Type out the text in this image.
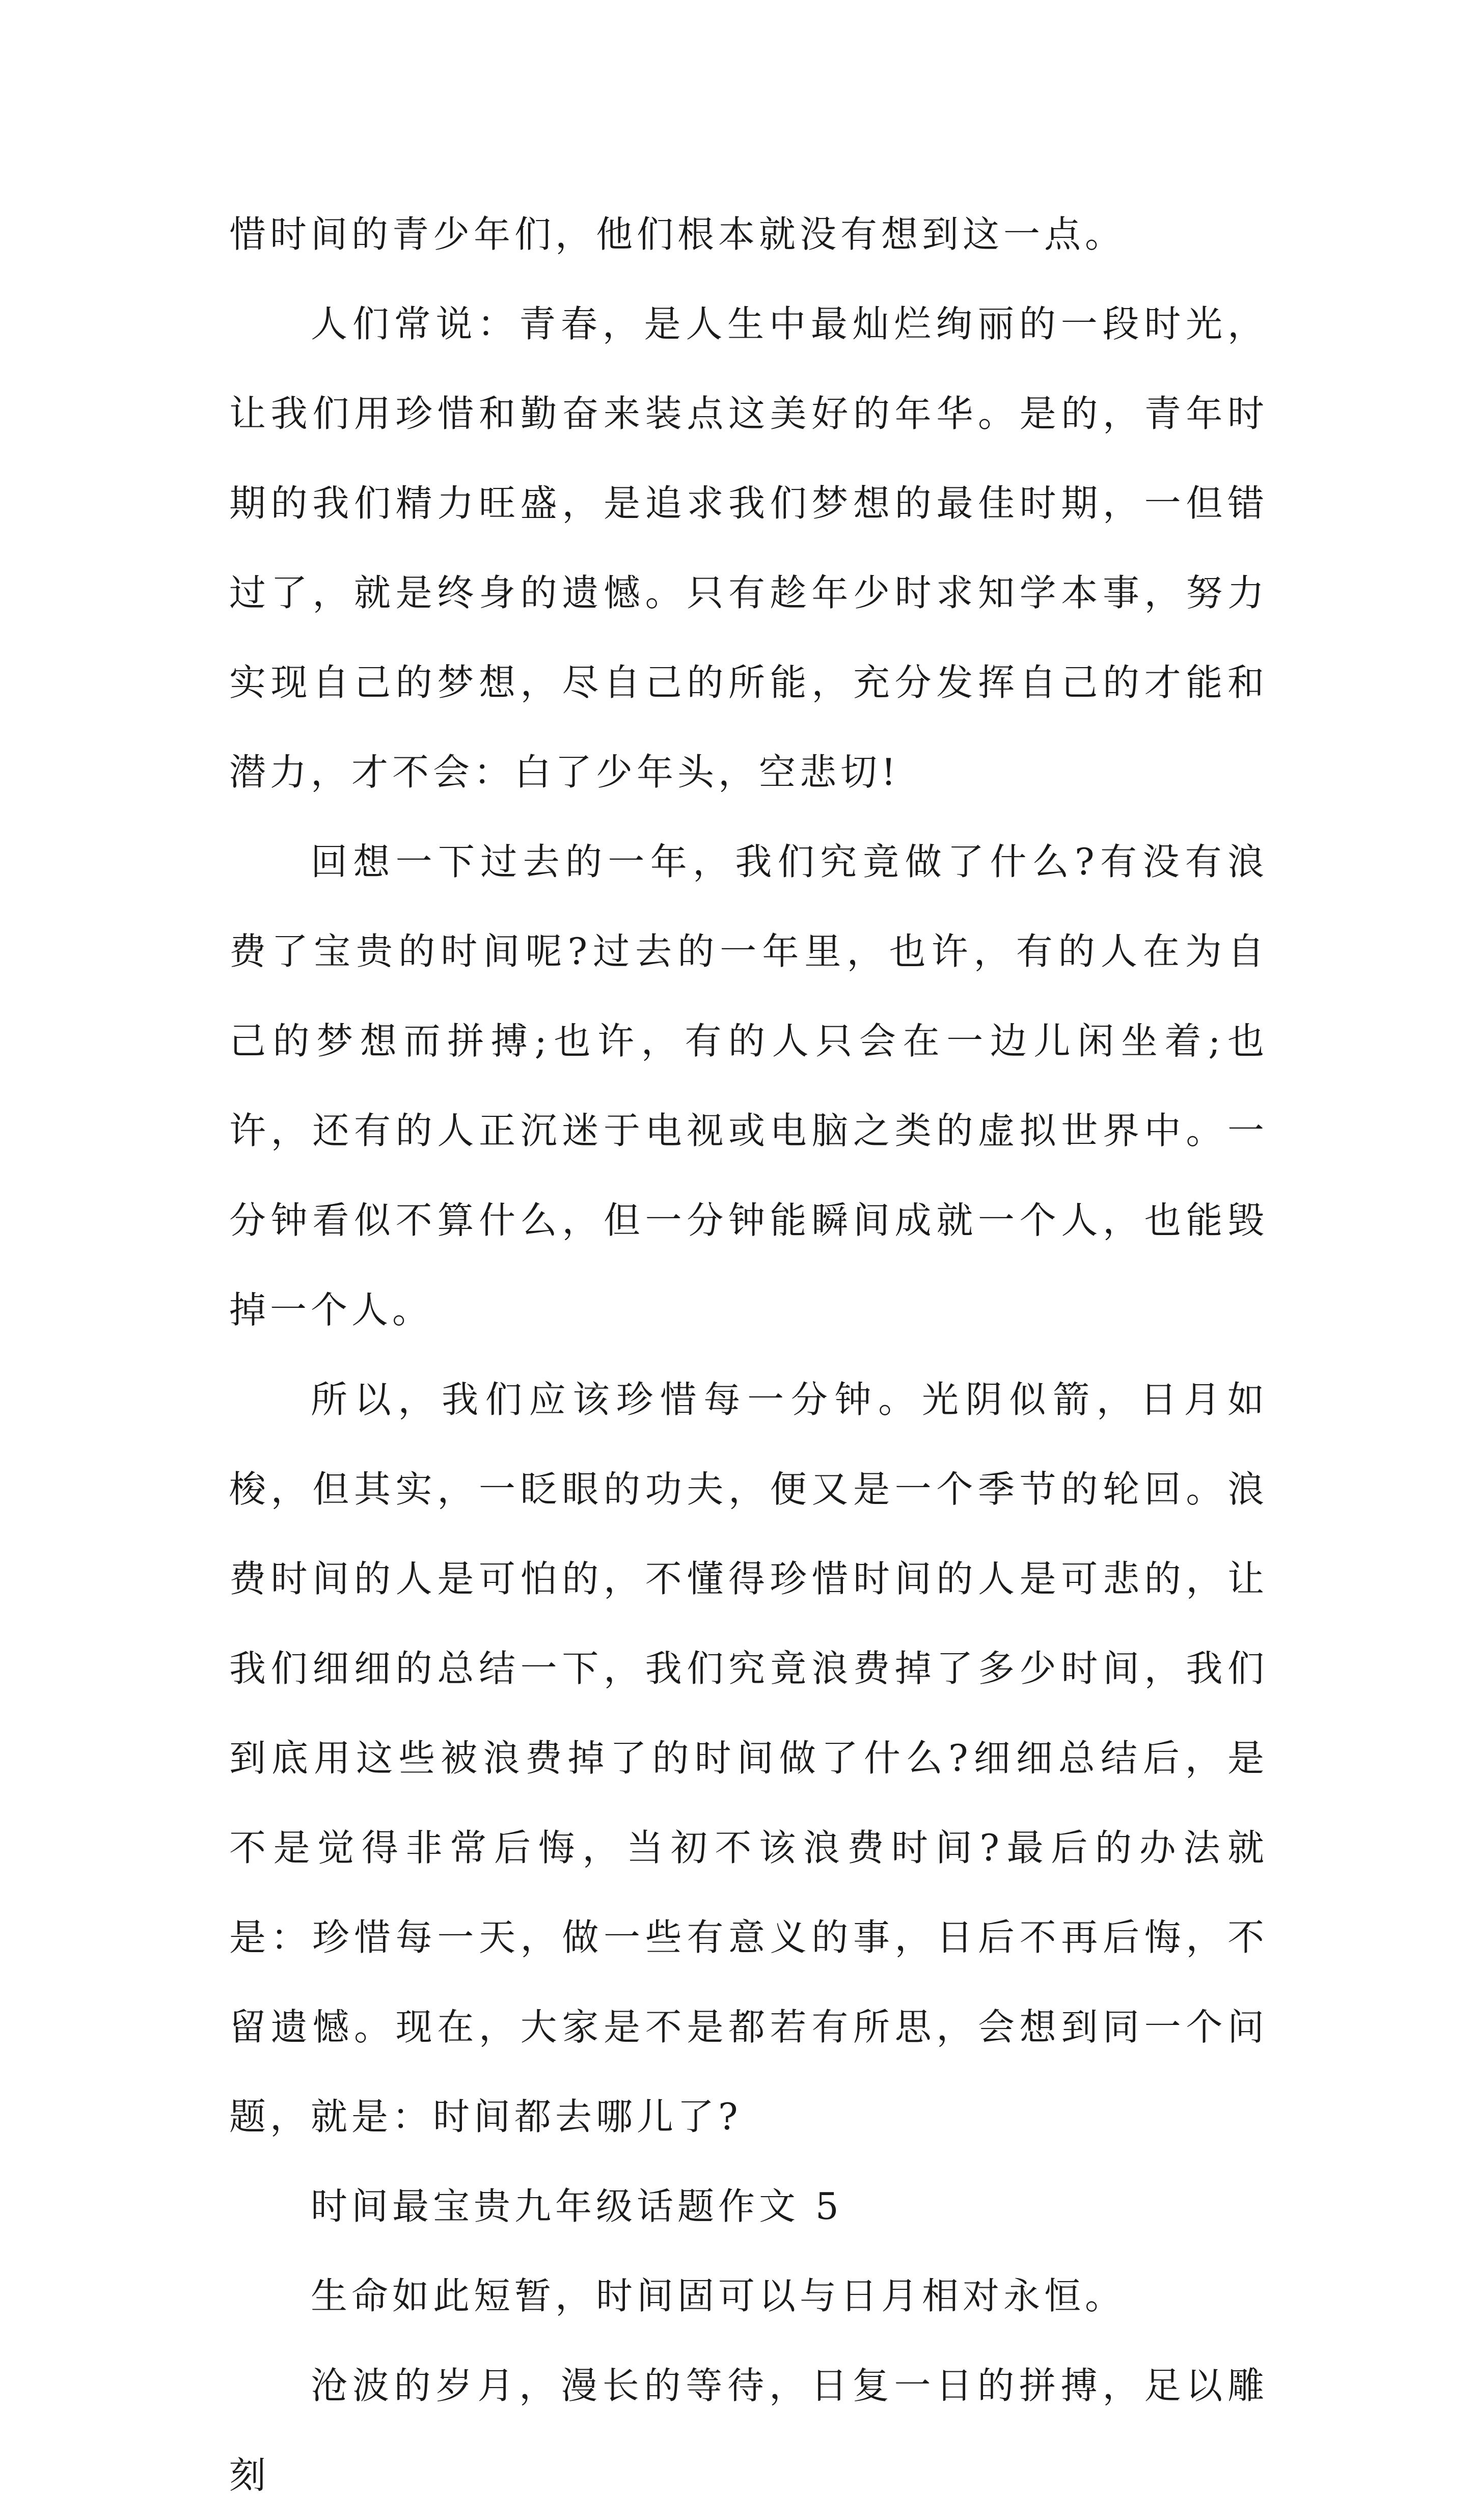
惜时间的青少年们，他们根本就没有想到这一点。

人们常说：青春，是人生中最灿烂绚丽的一段时光，让我们用珍惜和勤奋来装点这美好的年华。是的，青年时期的我们精力旺盛，是追求我们梦想的最佳时期，一但错过了，就是终身的遗憾。只有趁年少时求知学本事，努力实现自己的梦想，尽自己的所能，充分发挥自己的才能和潜力，才不会：白了少年头，空悲切!

回想一下过去的一年，我们究竟做了什么?有没有浪费了宝贵的时间呢?过去的一年里，也许，有的人在为自己的梦想而拼搏;也许，有的人只会在一边儿闲坐着;也许，还有的人正沉迷于电视或电脑之类的虚拟世界中。一分钟看似不算什么，但一分钟能瞬间成就一个人，也能毁掉一个人。

所以，我们应该珍惜每一分钟。光阴似箭，日月如梭，但其实，一眨眼的功夫，便又是一个季节的轮回。浪费时间的人是可怕的，不懂得珍惜时间的人是可悲的，让我们细细的总结一下，我们究竟浪费掉了多少时间，我们到底用这些被浪费掉了的时间做了什么?细细总结后，是不是觉得非常后悔，当初不该浪费时间?最后的办法就是：珍惜每一天，做一些有意义的事，日后不再后悔，不留遗憾。现在，大家是不是都若有所思，会想到同一个问题，就是：时间都去哪儿了?

时间最宝贵九年级话题作文 5

生命如此短暂，时间固可以与日月相对永恒。

沧波的岁月，漫长的等待，日复一日的拼搏，足以雕刻
